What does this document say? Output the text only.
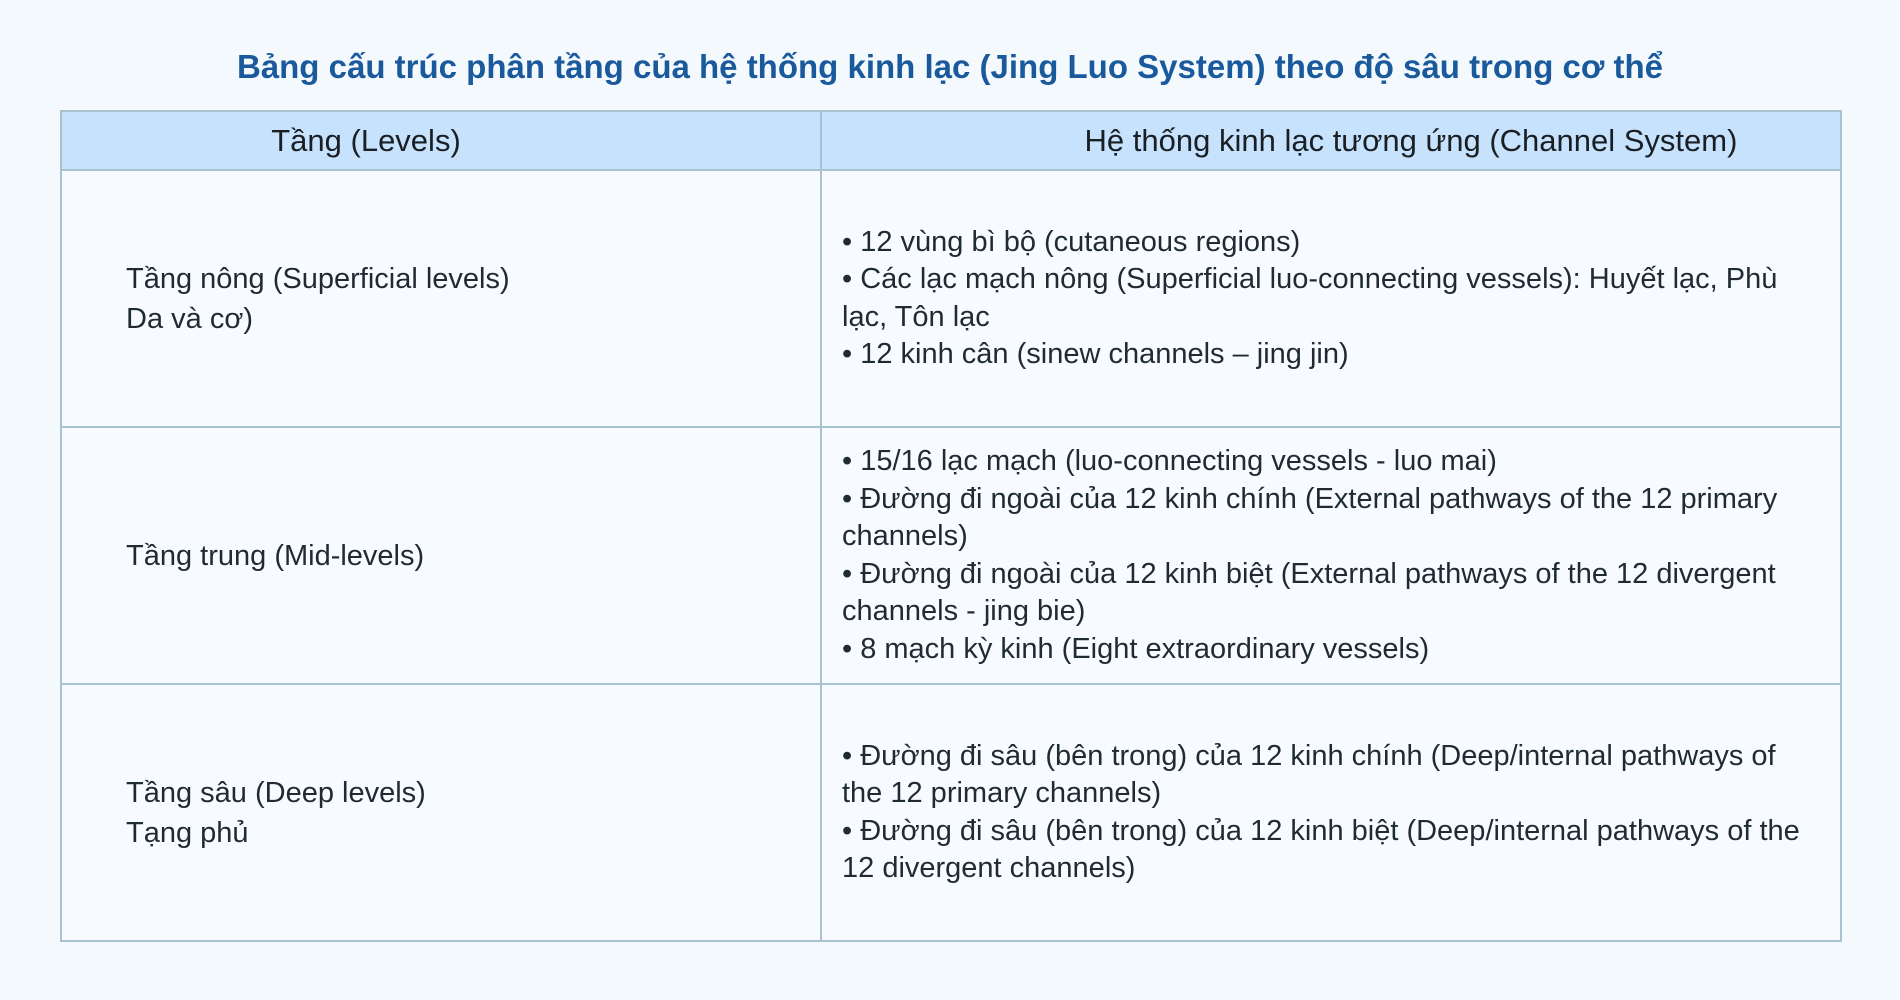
Bảng cấu trúc phân tầng của hệ thống kinh lạc (Jing Luo System) theo độ sâu trong cơ thể
Tầng (Levels)	Hệ thống kinh lạc tương ứng (Channel System)

Tầng nông (Superficial levels)
Da và cơ)	• 12 vùng bì bộ (cutaneous regions)
• Các lạc mạch nông (Superficial luo-connecting vessels): Huyết lạc, Phù lạc, Tôn lạc
• 12 kinh cân (sinew channels – jing jin)

Tầng trung (Mid-levels)	• 15/16 lạc mạch (luo-connecting vessels - luo mai)
• Đường đi ngoài của 12 kinh chính (External pathways of the 12 primary channels)
• Đường đi ngoài của 12 kinh biệt (External pathways of the 12 divergent channels - jing bie)
• 8 mạch kỳ kinh (Eight extraordinary vessels)

Tầng sâu (Deep levels)
Tạng phủ	• Đường đi sâu (bên trong) của 12 kinh chính (Deep/internal pathways of the 12 primary channels)
• Đường đi sâu (bên trong) của 12 kinh biệt (Deep/internal pathways of the 12 divergent channels)
